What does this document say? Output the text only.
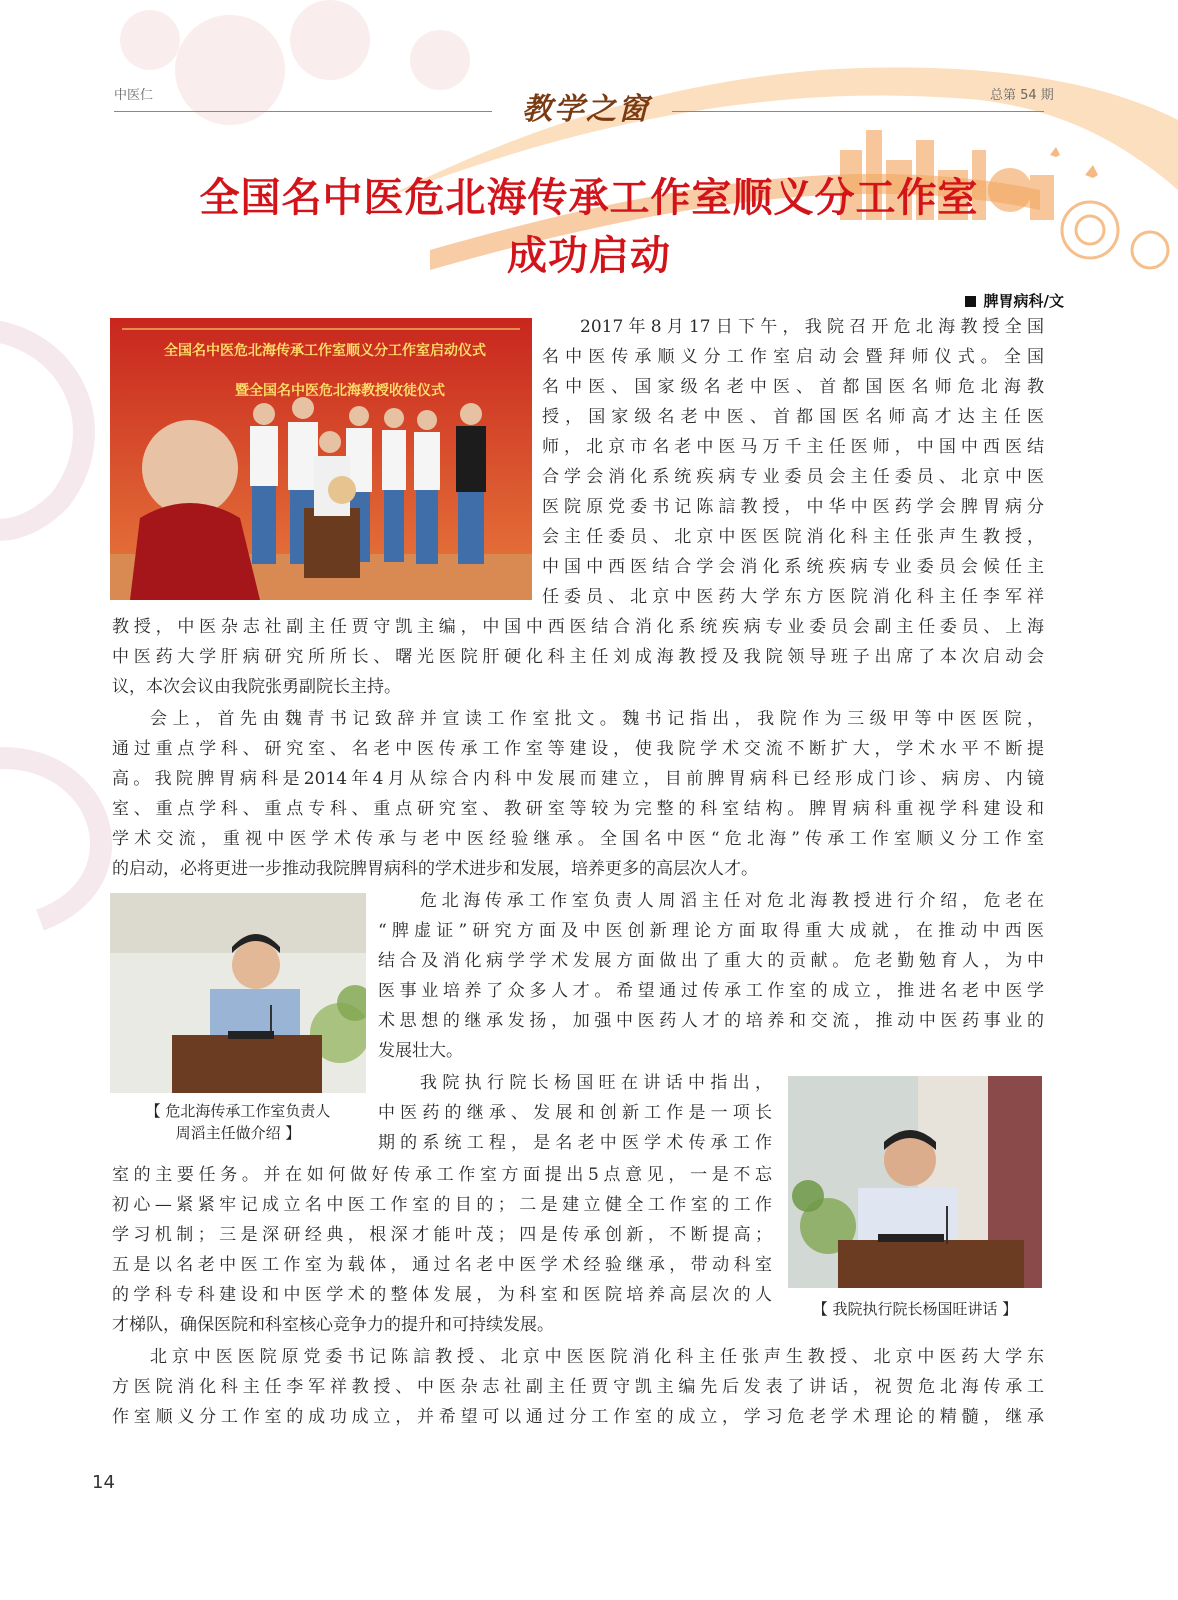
中医仁	教学之窗	总第 54 期
全国名中医危北海传承工作室顺义分工作室
成功启动
脾胃病科/文
全国名中医危北海传承工作室顺义分工作室启动仪式
暨全国名中医危北海教授收徒仪式
2017年8月17日下午，我院召开危北海教授全国
名中医传承顺义分工作室启动会暨拜师仪式。全国
名中医、国家级名老中医、首都国医名师危北海教
授，国家级名老中医、首都国医名师高才达主任医
师，北京市名老中医马万千主任医师，中国中西医结
合学会消化系统疾病专业委员会主任委员、北京中医
医院原党委书记陈誩教授，中华中医药学会脾胃病分
会主任委员、北京中医医院消化科主任张声生教授，
中国中西医结合学会消化系统疾病专业委员会候任主
任委员、北京中医药大学东方医院消化科主任李军祥
教授，中医杂志社副主任贾守凯主编，中国中西医结合消化系统疾病专业委员会副主任委员、上海
中医药大学肝病研究所所长、曙光医院肝硬化科主任刘成海教授及我院领导班子出席了本次启动会
议，本次会议由我院张勇副院长主持。
会上，首先由魏青书记致辞并宣读工作室批文。魏书记指出，我院作为三级甲等中医医院，
通过重点学科、研究室、名老中医传承工作室等建设，使我院学术交流不断扩大，学术水平不断提
高。我院脾胃病科是2014年4月从综合内科中发展而建立，目前脾胃病科已经形成门诊、病房、内镜
室、重点学科、重点专科、重点研究室、教研室等较为完整的科室结构。脾胃病科重视学科建设和
学术交流，重视中医学术传承与老中医经验继承。全国名中医“危北海”传承工作室顺义分工作室
的启动，必将更进一步推动我院脾胃病科的学术进步和发展，培养更多的高层次人才。
【 危北海传承工作室负责人
周滔主任做介绍 】
危北海传承工作室负责人周滔主任对危北海教授进行介绍，危老在
“脾虚证”研究方面及中医创新理论方面取得重大成就，在推动中西医
结合及消化病学学术发展方面做出了重大的贡献。危老勤勉育人，为中
医事业培养了众多人才。希望通过传承工作室的成立，推进名老中医学
术思想的继承发扬，加强中医药人才的培养和交流，推动中医药事业的
发展壮大。
【 我院执行院长杨国旺讲话 】
我院执行院长杨国旺在讲话中指出，
中医药的继承、发展和创新工作是一项长
期的系统工程，是名老中医学术传承工作
室的主要任务。并在如何做好传承工作室方面提出5点意见，一是不忘
初心—紧紧牢记成立名中医工作室的目的；二是建立健全工作室的工作
学习机制；三是深研经典，根深才能叶茂；四是传承创新，不断提高；
五是以名老中医工作室为载体，通过名老中医学术经验继承，带动科室
的学科专科建设和中医学术的整体发展，为科室和医院培养高层次的人
才梯队，确保医院和科室核心竞争力的提升和可持续发展。
北京中医医院原党委书记陈誩教授、北京中医医院消化科主任张声生教授、北京中医药大学东
方医院消化科主任李军祥教授、中医杂志社副主任贾守凯主编先后发表了讲话，祝贺危北海传承工
作室顺义分工作室的成功成立，并希望可以通过分工作室的成立，学习危老学术理论的精髓，继承
14
